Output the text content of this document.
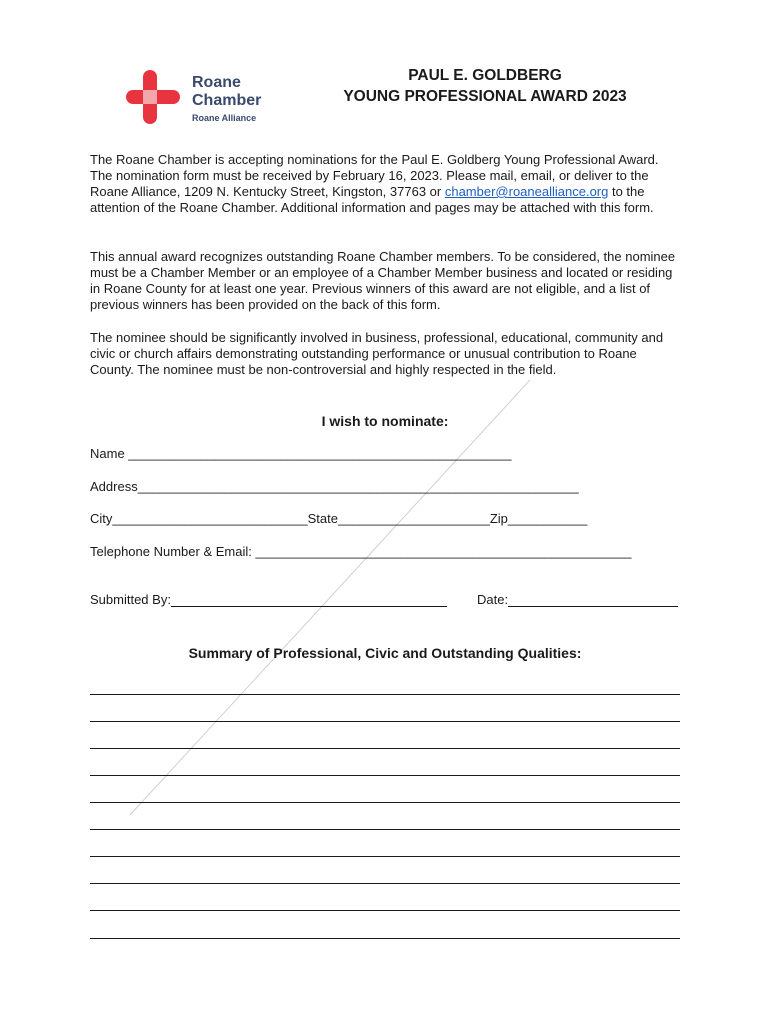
Roane
Chamber
Roane Alliance
PAUL E. GOLDBERG
YOUNG PROFESSIONAL AWARD 2023

The Roane Chamber is accepting nominations for the Paul E. Goldberg Young Professional Award. The nomination form must be received by February 16, 2023. Please mail, email, or deliver to the Roane Alliance, 1209 N. Kentucky Street, Kingston, 37763 or chamber@roanealliance.org to the attention of the Roane Chamber. Additional information and pages may be attached with this form.

This annual award recognizes outstanding Roane Chamber members. To be considered, the nominee must be a Chamber Member or an employee of a Chamber Member business and located or residing in Roane County for at least one year. Previous winners of this award are not eligible, and a list of previous winners has been provided on the back of this form.

The nominee should be significantly involved in business, professional, educational, community and civic or church affairs demonstrating outstanding performance or unusual contribution to Roane County. The nominee must be non-controversial and highly respected in the field.

I wish to nominate:
Name _____________________________________________________
Address_____________________________________________________________
City___________________________State_____________________Zip___________
Telephone Number & Email: ____________________________________________________
Submitted By:	Date:
Summary of Professional, Civic and Outstanding Qualities:
